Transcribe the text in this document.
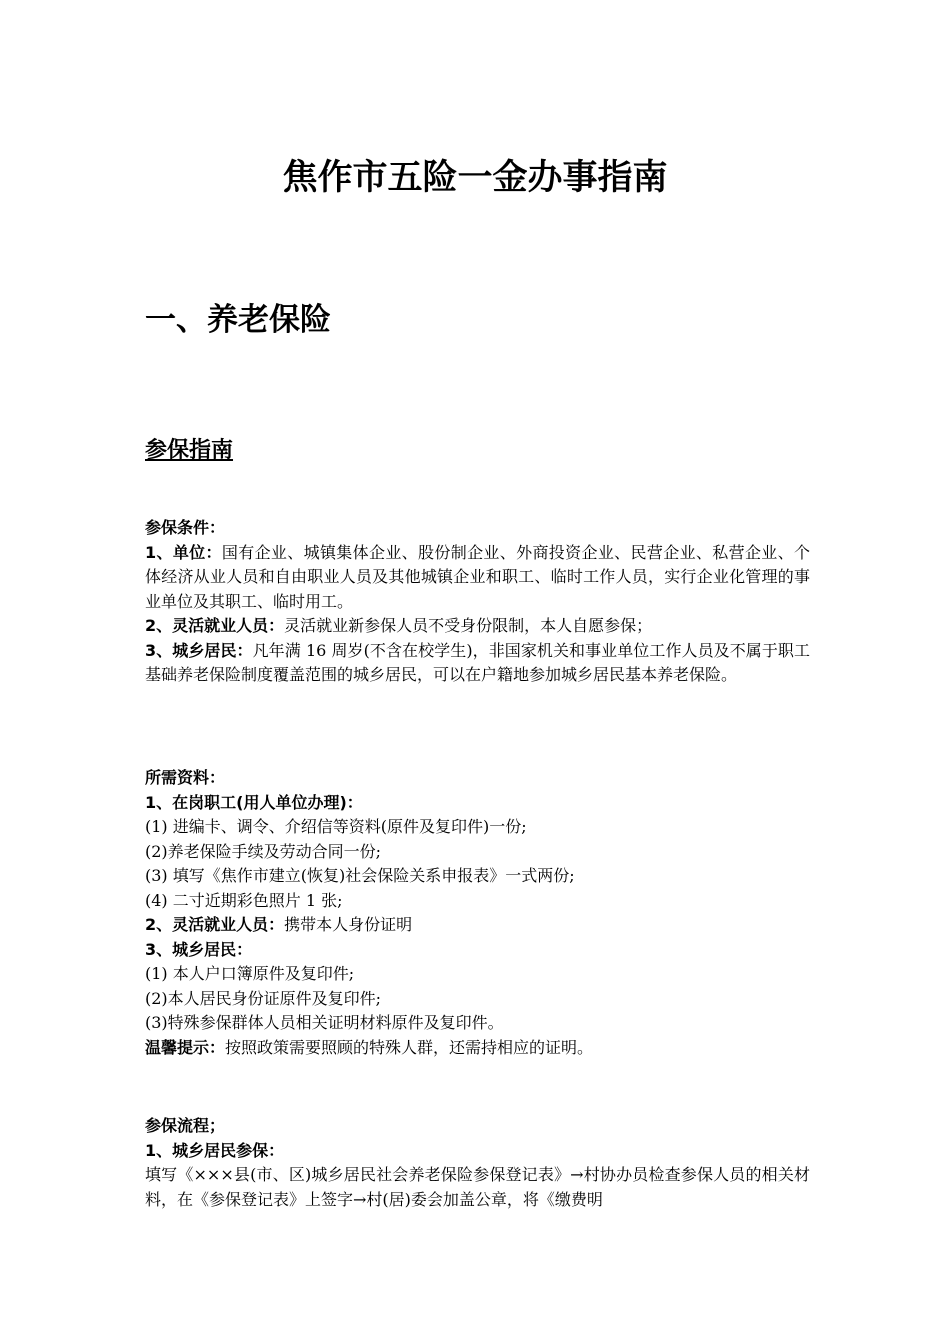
焦作市五险一金办事指南
一、养老保险
参保指南
参保条件：
1、单位：国有企业、城镇集体企业、股份制企业、外商投资企业、民营企业、私营企业、个体经济从业人员和自由职业人员及其他城镇企业和职工、临时工作人员，实行企业化管理的事业单位及其职工、临时用工。
2、灵活就业人员：灵活就业新参保人员不受身份限制，本人自愿参保；
3、城乡居民：凡年满 16 周岁(不含在校学生)，非国家机关和事业单位工作人员及不属于职工基础养老保险制度覆盖范围的城乡居民，可以在户籍地参加城乡居民基本养老保险。
所需资料：
1、在岗职工(用人单位办理)：
(1) 进编卡、调令、介绍信等资料(原件及复印件)一份;
(2)养老保险手续及劳动合同一份;
(3) 填写《焦作市建立(恢复)社会保险关系申报表》一式两份;
(4) 二寸近期彩色照片 1 张;
2、灵活就业人员：携带本人身份证明
3、城乡居民：
(1) 本人户口簿原件及复印件;
(2)本人居民身份证原件及复印件;
(3)特殊参保群体人员相关证明材料原件及复印件。
温馨提示：按照政策需要照顾的特殊人群，还需持相应的证明。
参保流程；
1、城乡居民参保：
填写《×××县(市、区)城乡居民社会养老保险参保登记表》→村协办员检查参保人员的相关材料，在《参保登记表》上签字→村(居)委会加盖公章，将《缴费明
